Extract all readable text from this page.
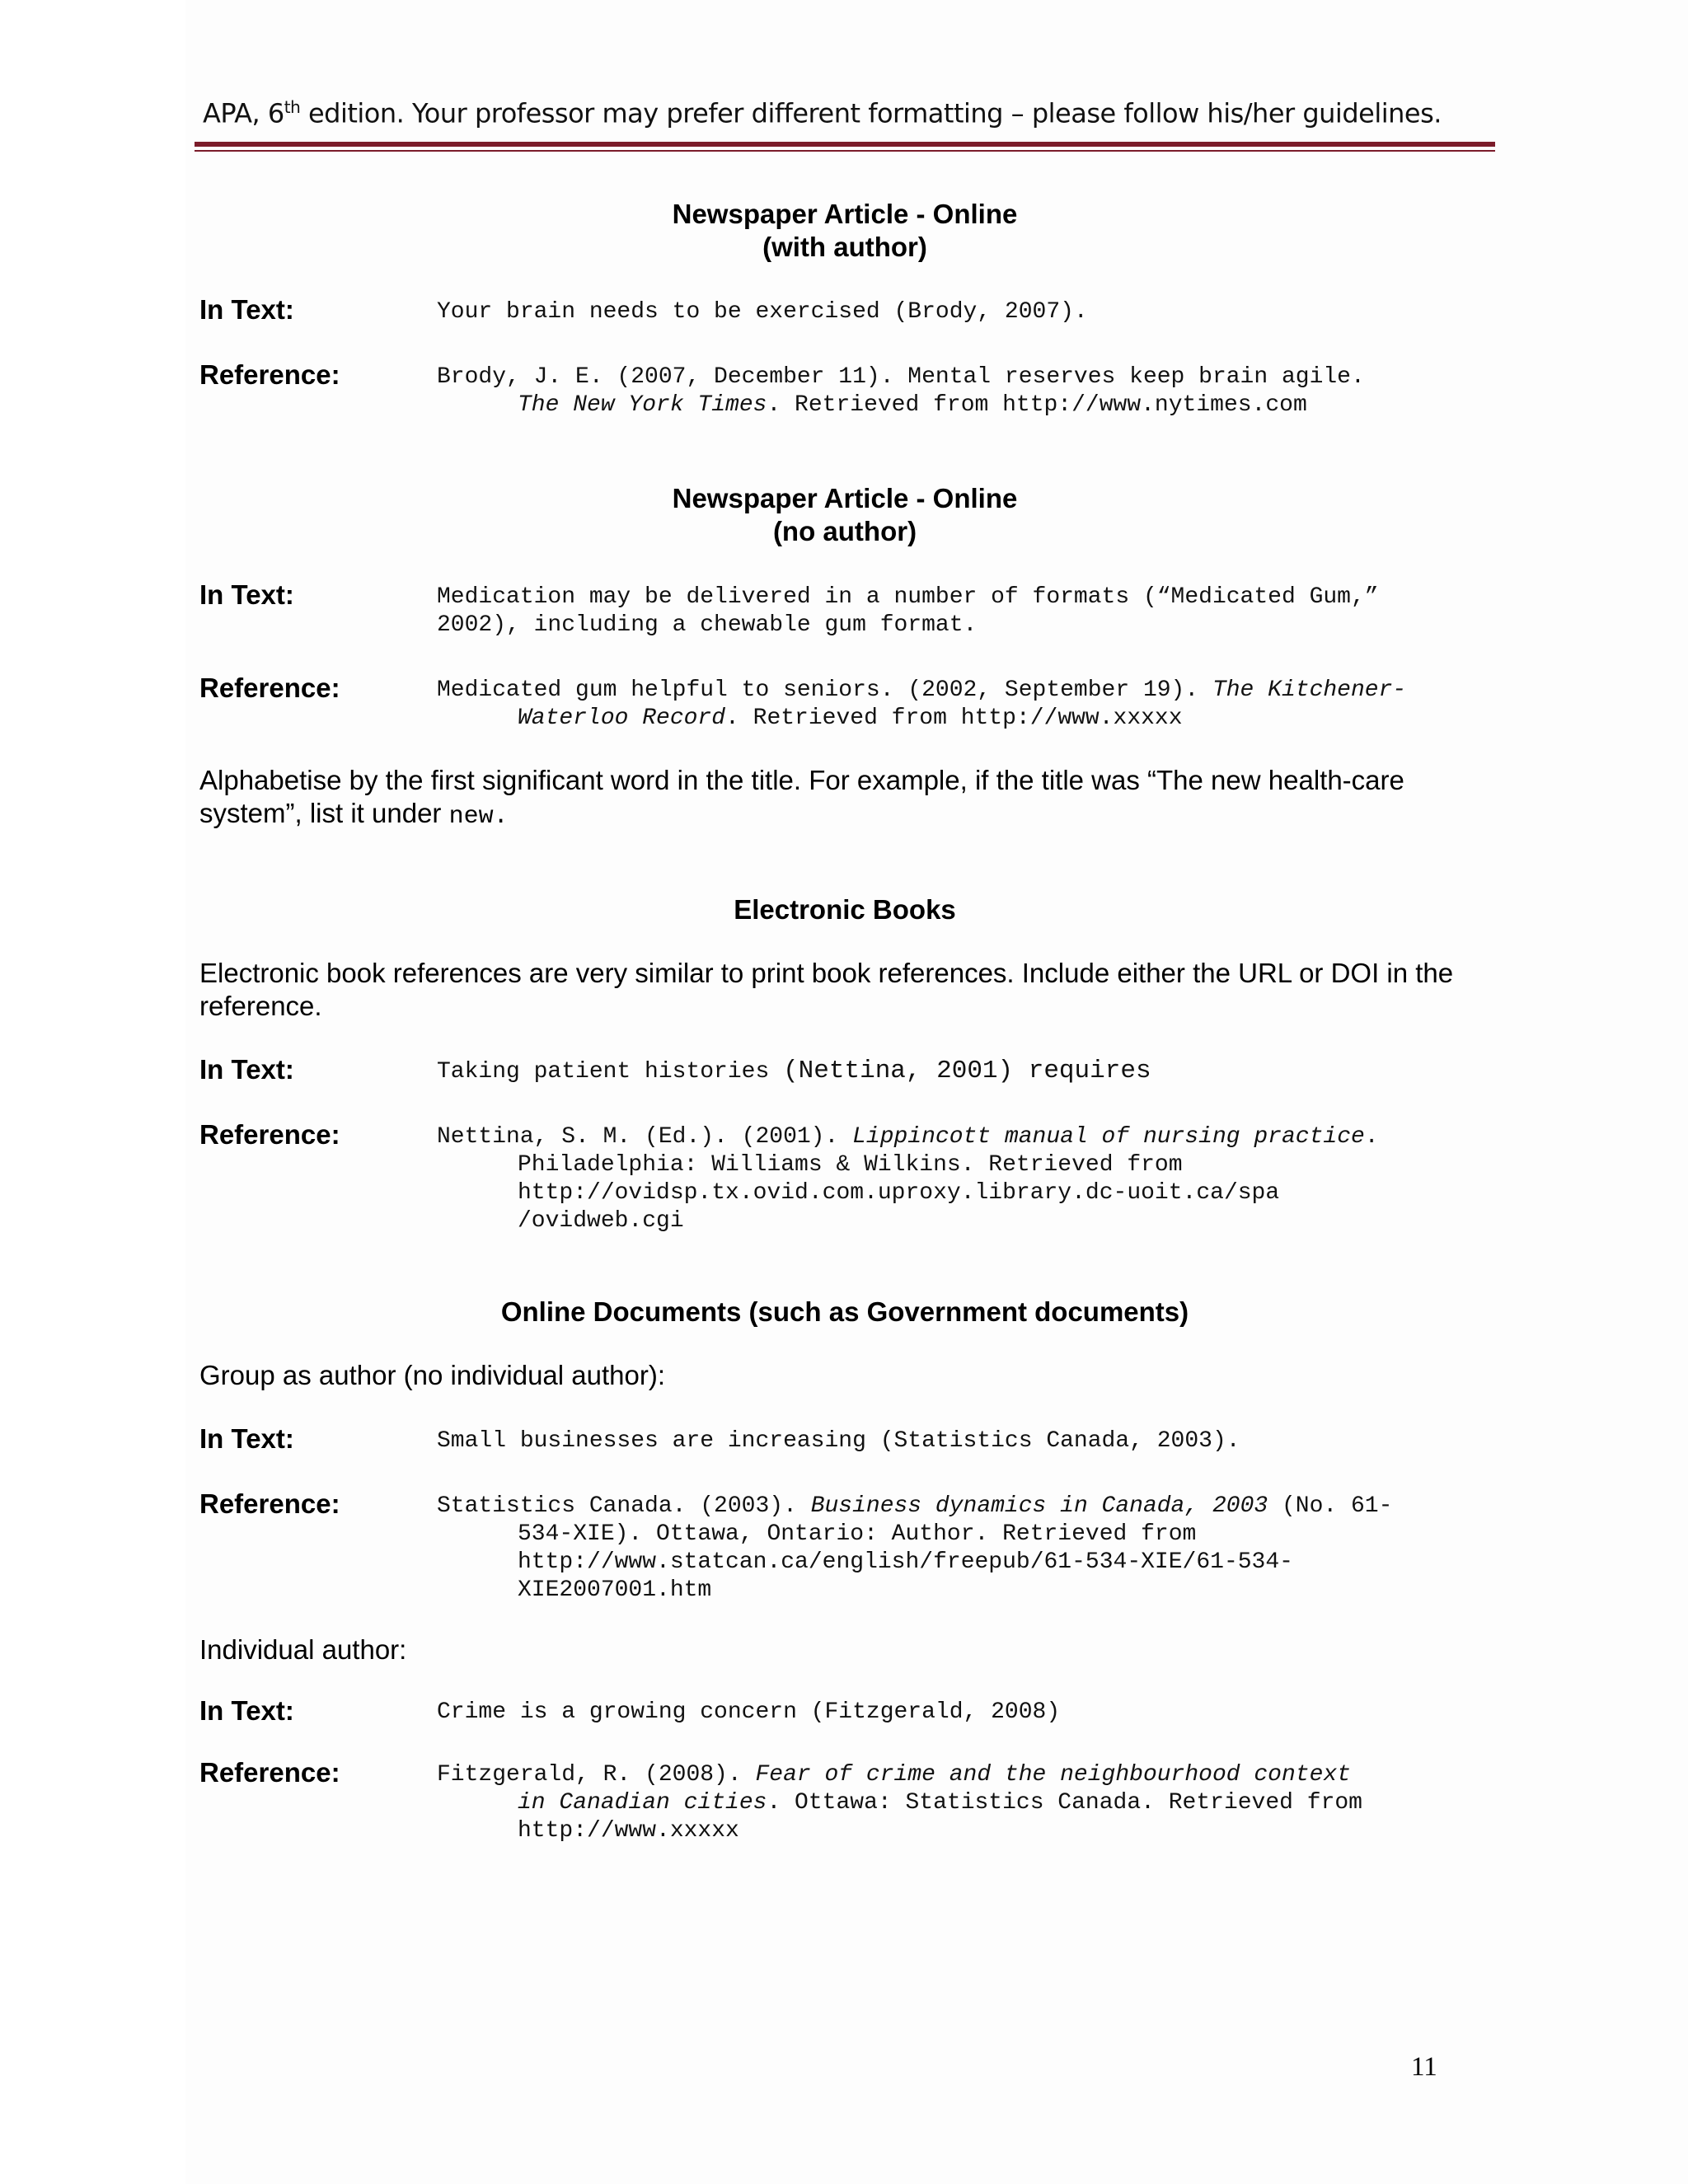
APA, 6th edition. Your professor may prefer different formatting – please follow his/her guidelines.
Newspaper Article - Online
(with author)
In Text:	Your brain needs to be exercised (Brody, 2007).
Reference:	Brody, J. E. (2007, December 11). Mental reserves keep brain agile.
The New York Times. Retrieved from http://www.nytimes.com
Newspaper Article - Online
(no author)
In Text:	Medication may be delivered in a number of formats (“Medicated Gum,”
2002), including a chewable gum format.
Reference:	Medicated gum helpful to seniors. (2002, September 19). The Kitchener-
Waterloo Record. Retrieved from http://www.xxxxx
Alphabetise by the first significant word in the title. For example, if the title was “The new health-care system”, list it under new.
Electronic Books
Electronic book references are very similar to print book references. Include either the URL or DOI in the reference.
In Text:	Taking patient histories (Nettina, 2001) requires
Reference:	Nettina, S. M. (Ed.). (2001). Lippincott manual of nursing practice.
Philadelphia: Williams & Wilkins. Retrieved from
http://ovidsp.tx.ovid.com.uproxy.library.dc-uoit.ca/spa
/ovidweb.cgi
Online Documents (such as Government documents)
Group as author (no individual author):
In Text:	Small businesses are increasing (Statistics Canada, 2003).
Reference:	Statistics Canada. (2003). Business dynamics in Canada, 2003 (No. 61-
534-XIE). Ottawa, Ontario: Author. Retrieved from
http://www.statcan.ca/english/freepub/61-534-XIE/61-534-
XIE2007001.htm
Individual author:
In Text:	Crime is a growing concern (Fitzgerald, 2008)
Reference:	Fitzgerald, R. (2008). Fear of crime and the neighbourhood context
in Canadian cities. Ottawa: Statistics Canada. Retrieved from
http://www.xxxxx
11
